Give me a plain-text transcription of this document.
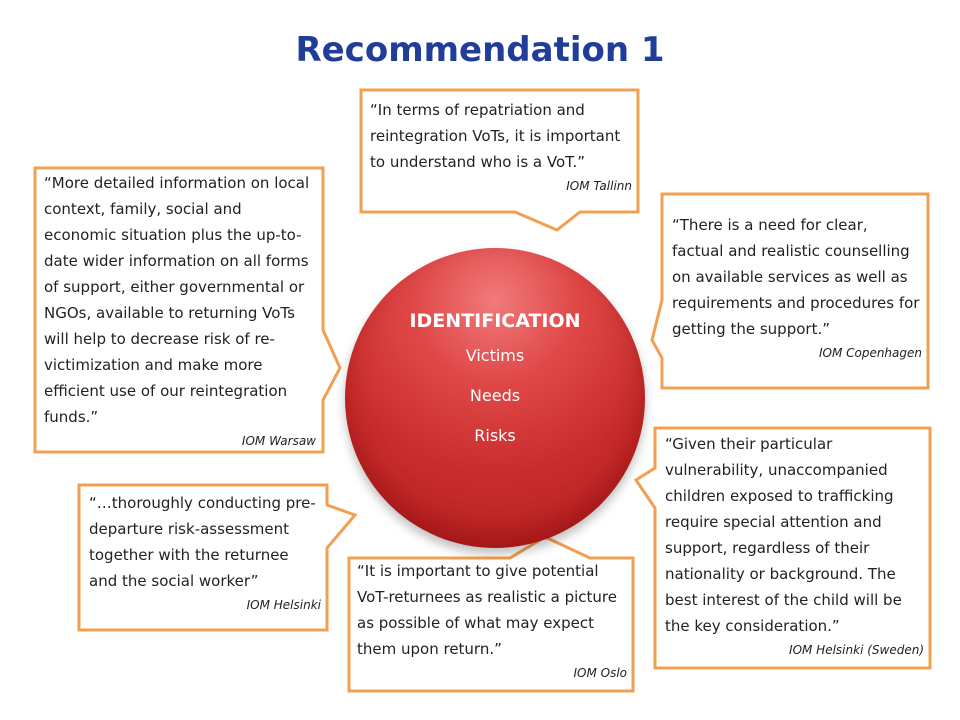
Recommendation 1
IDENTIFICATION
Victims
Needs
Risks

“In terms of repatriation and reintegration VoTs, it is important to understand who is a VoT.”

IOM Tallinn

“More detailed information on local context, family, social and economic situation plus the up-to-date wider information on all forms of support, either governmental or NGOs, available to returning VoTs will help to decrease risk of re-victimization and make more efficient use of our reintegration funds.”

IOM Warsaw

“There is a need for clear, factual and realistic counselling on available services as well as requirements and procedures for getting the support.”

IOM Copenhagen

“…thoroughly conducting pre-departure risk-assessment together with the returnee and the social worker”

IOM Helsinki

“It is important to give potential VoT-returnees as realistic a picture as possible of what may expect them upon return.”

IOM Oslo

“Given their particular vulnerability, unaccompanied children exposed to trafficking require special attention and support, regardless of their nationality or background. The best interest of the child will be the key consideration.”

IOM Helsinki (Sweden)
